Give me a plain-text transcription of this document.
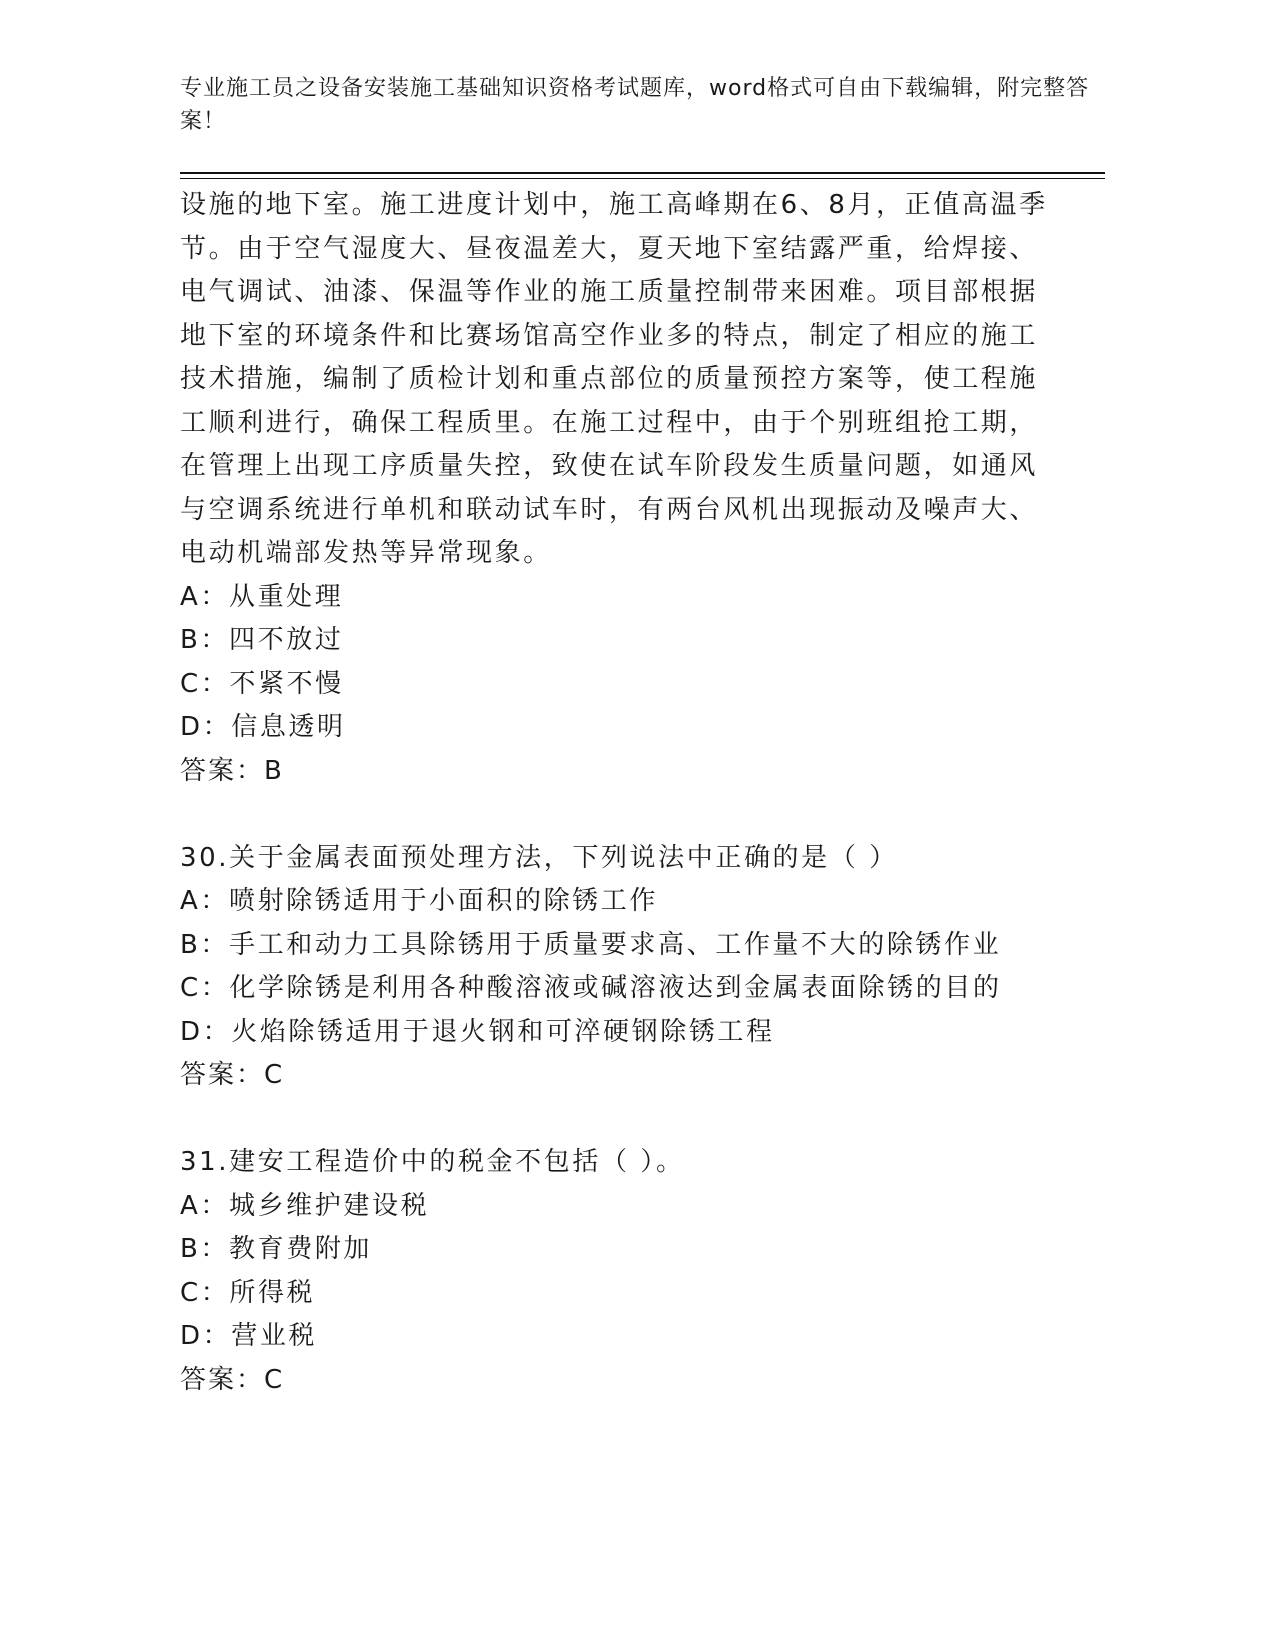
专业施工员之设备安装施工基础知识资格考试题库，word格式可自由下载编辑，附完整答案！
设施的地下室。施工进度计划中，施工高峰期在6、8月，正值高温季
节。由于空气湿度大、昼夜温差大，夏天地下室结露严重，给焊接、
电气调试、油漆、保温等作业的施工质量控制带来困难。项目部根据
地下室的环境条件和比赛场馆高空作业多的特点，制定了相应的施工
技术措施，编制了质检计划和重点部位的质量预控方案等，使工程施
工顺利进行，确保工程质里。在施工过程中，由于个别班组抢工期，
在管理上出现工序质量失控，致使在试车阶段发生质量问题，如通风
与空调系统进行单机和联动试车时，有两台风机出现振动及噪声大、
电动机端部发热等异常现象。
A：从重处理
B：四不放过
C：不紧不慢
D：信息透明
答案：B
30.关于金属表面预处理方法，下列说法中正确的是（ ）
A：喷射除锈适用于小面积的除锈工作
B：手工和动力工具除锈用于质量要求高、工作量不大的除锈作业
C：化学除锈是利用各种酸溶液或碱溶液达到金属表面除锈的目的
D：火焰除锈适用于退火钢和可淬硬钢除锈工程
答案：C
31.建安工程造价中的税金不包括（ ）。
A：城乡维护建设税
B：教育费附加
C：所得税
D：营业税
答案：C
